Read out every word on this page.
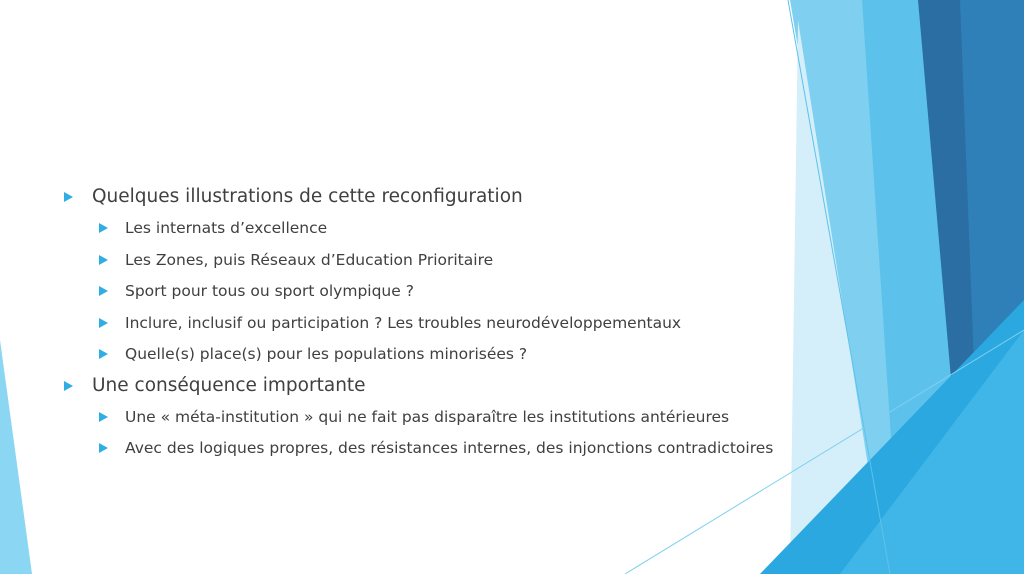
Quelques illustrations de cette reconfiguration
Les internats d’excellence
Les Zones, puis Réseaux d’Education Prioritaire
Sport pour tous ou sport olympique ?
Inclure, inclusif ou participation ? Les troubles neurodéveloppementaux
Quelle(s) place(s) pour les populations minorisées ?
Une conséquence importante
Une « méta-institution » qui ne fait pas disparaître les institutions antérieures
Avec des logiques propres, des résistances internes, des injonctions contradictoires
